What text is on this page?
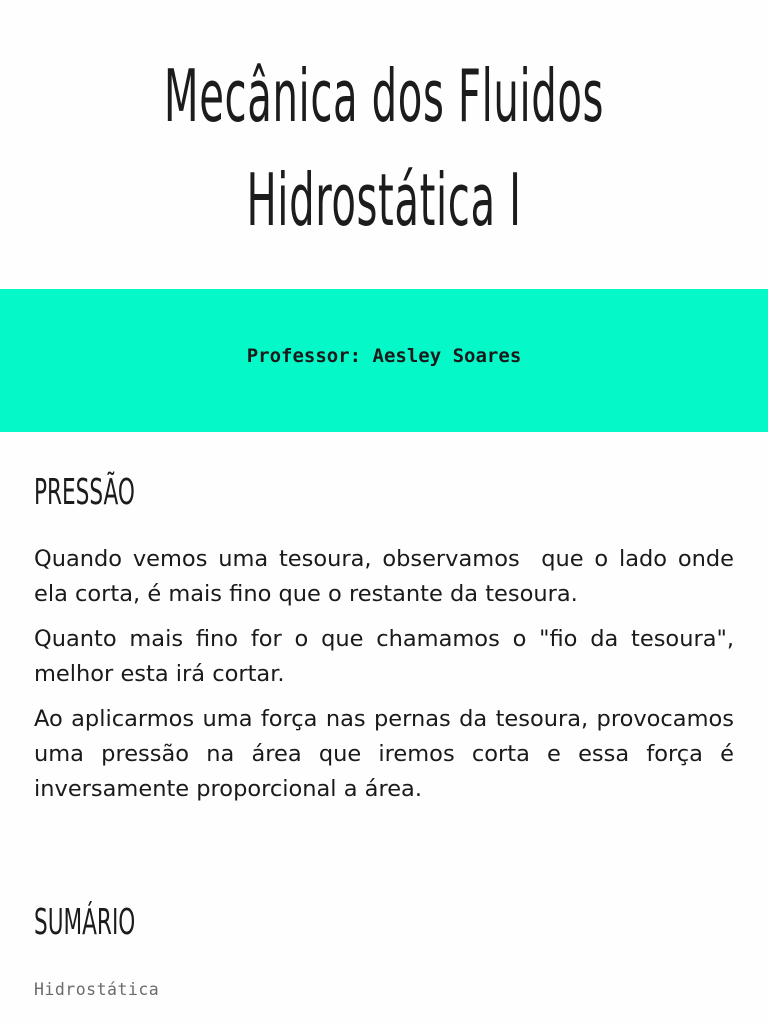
Mecânica dos Fluidos
Hidrostática I
Professor: Aesley Soares
PRESSÃO

Quando vemos uma tesoura, observamos  que o lado onde ela corta, é mais fino que o restante da tesoura.

Quanto mais fino for o que chamamos o "fio da tesoura", melhor esta irá cortar.

Ao aplicarmos uma força nas pernas da tesoura, provocamos uma pressão na área que iremos corta e essa força é inversamente proporcional a área.

SUMÁRIO
Hidrostática
